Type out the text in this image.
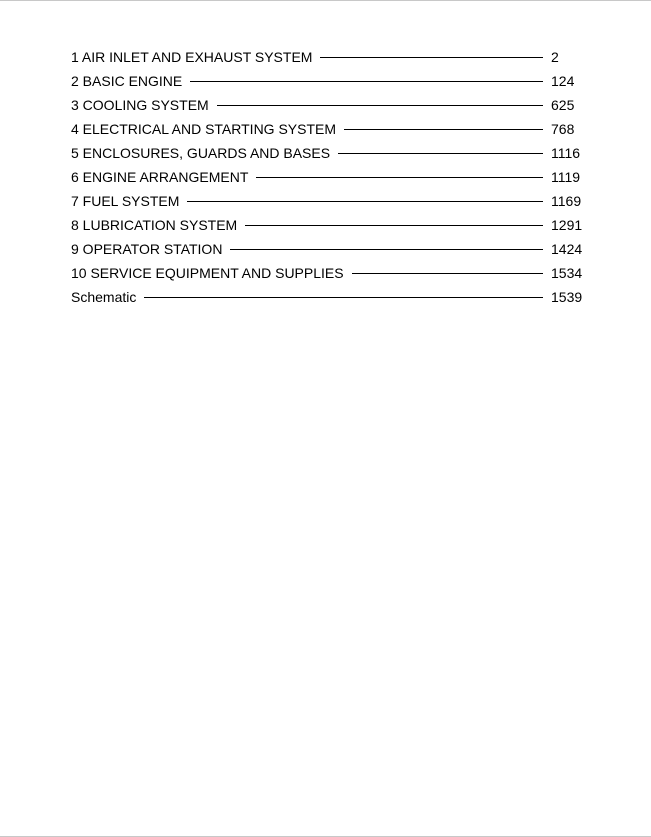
1 AIR INLET AND EXHAUST SYSTEM	2
2 BASIC ENGINE	124
3 COOLING SYSTEM	625
4 ELECTRICAL AND STARTING SYSTEM	768
5 ENCLOSURES, GUARDS AND BASES	1116
6 ENGINE ARRANGEMENT	1119
7 FUEL SYSTEM	1169
8 LUBRICATION SYSTEM	1291
9 OPERATOR STATION	1424
10 SERVICE EQUIPMENT AND SUPPLIES	1534
Schematic	1539
